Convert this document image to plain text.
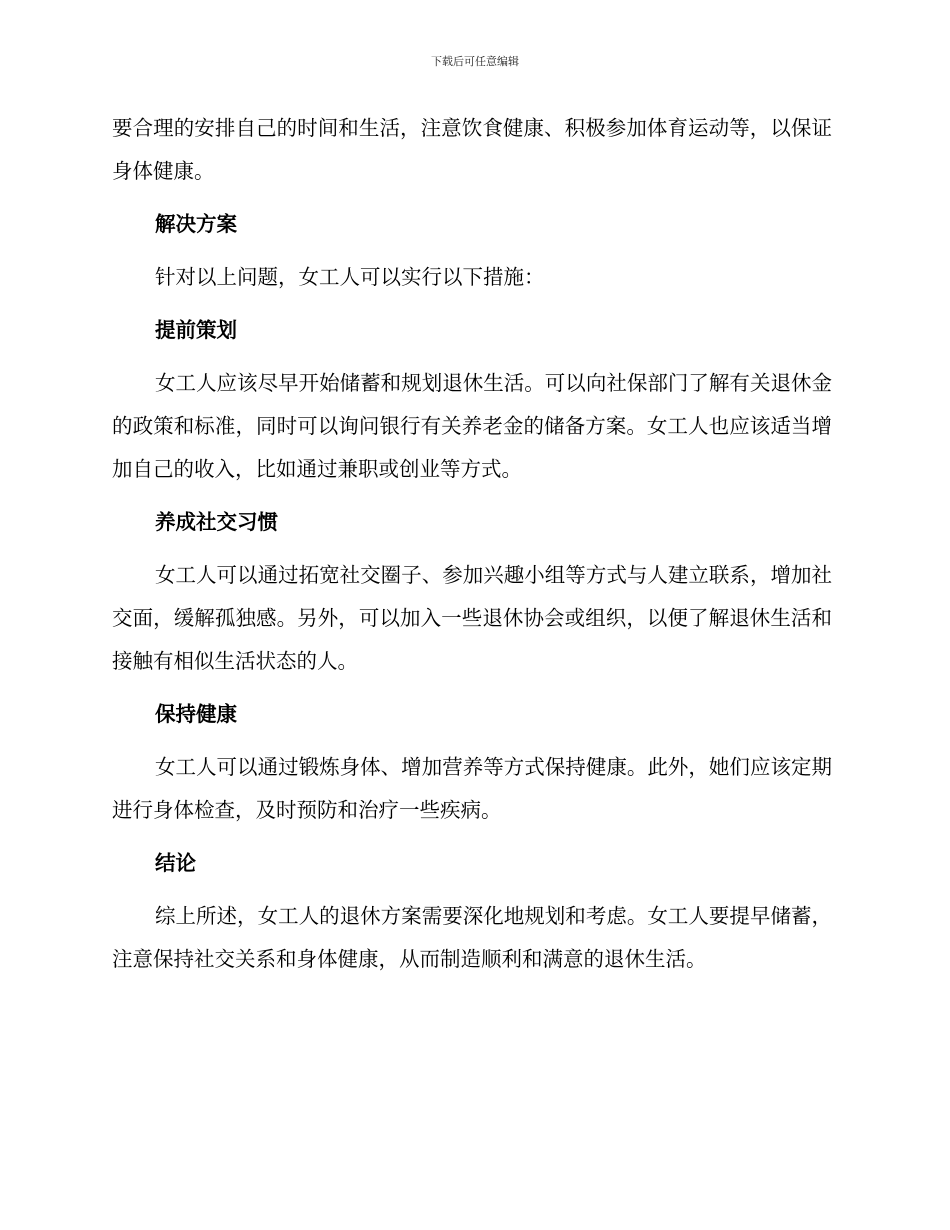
下载后可任意编辑

要合理的安排自己的时间和生活，注意饮食健康、积极参加体育运动等，以保证身体健康。

解决方案

针对以上问题，女工人可以实行以下措施：

提前策划

女工人应该尽早开始储蓄和规划退休生活。可以向社保部门了解有关退休金的政策和标准，同时可以询问银行有关养老金的储备方案。女工人也应该适当增加自己的收入，比如通过兼职或创业等方式。

养成社交习惯

女工人可以通过拓宽社交圈子、参加兴趣小组等方式与人建立联系，增加社交面，缓解孤独感。另外，可以加入一些退休协会或组织，以便了解退休生活和接触有相似生活状态的人。

保持健康

女工人可以通过锻炼身体、增加营养等方式保持健康。此外，她们应该定期进行身体检查，及时预防和治疗一些疾病。

结论

综上所述，女工人的退休方案需要深化地规划和考虑。女工人要提早储蓄，注意保持社交关系和身体健康，从而制造顺利和满意的退休生活。
